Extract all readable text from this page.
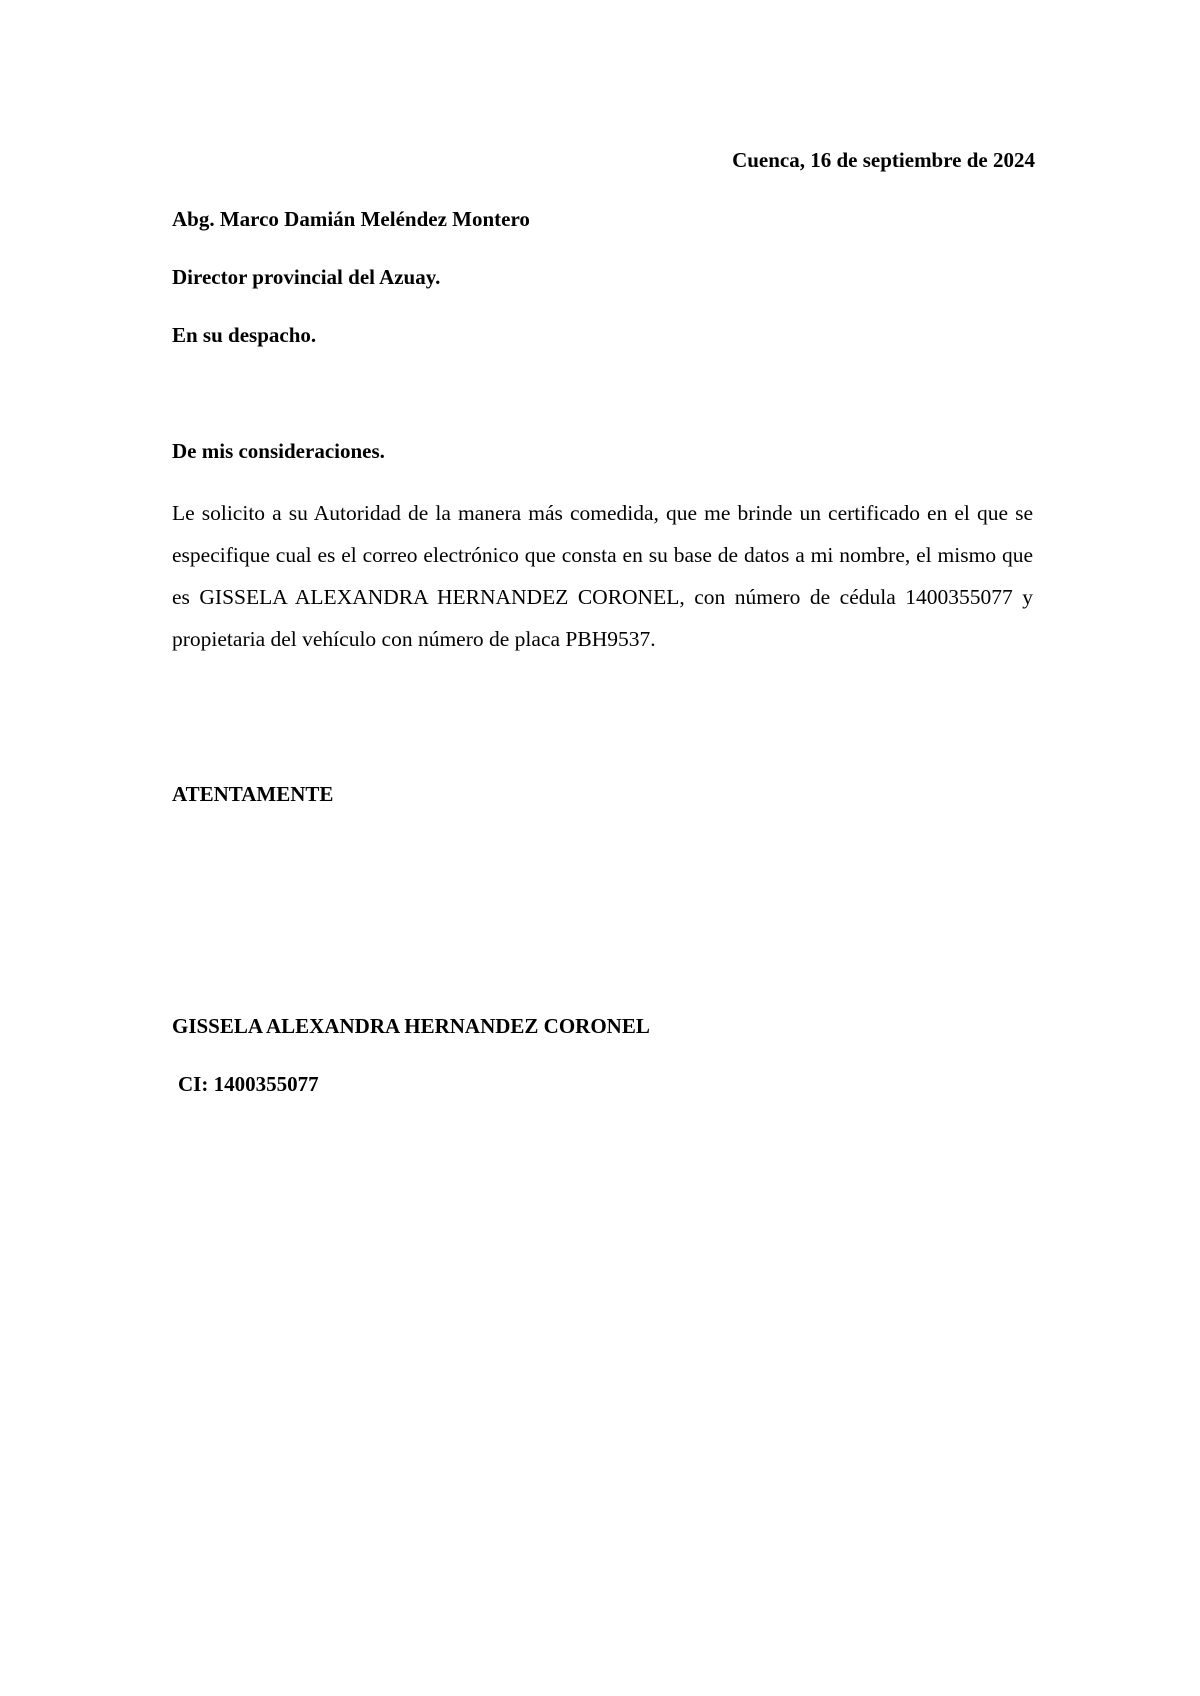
Cuenca, 16 de septiembre de 2024
Abg. Marco Damián Meléndez Montero
Director provincial del Azuay.
En su despacho.
De mis consideraciones.
Le solicito a su Autoridad de la manera más comedida, que me brinde un certificado en el que se especifique cual es el correo electrónico que consta en su base de datos a mi nombre, el mismo que es GISSELA ALEXANDRA HERNANDEZ CORONEL, con número de cédula 1400355077 y propietaria del vehículo con número de placa PBH9537.
ATENTAMENTE
GISSELA ALEXANDRA HERNANDEZ CORONEL
CI: 1400355077
